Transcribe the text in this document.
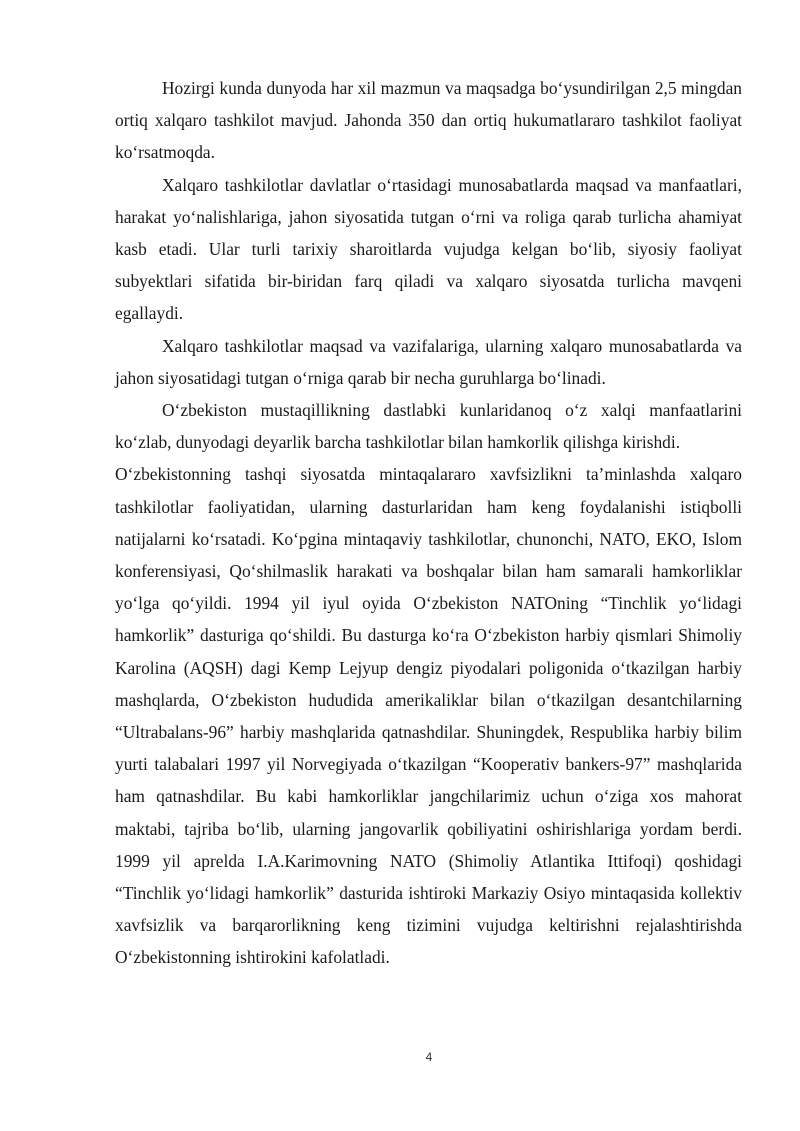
Hozirgi kunda dunyoda har xil mazmun va maqsadga bo‘ysundirilgan 2,5 mingdan ortiq xalqaro tashkilot mavjud. Jahonda 350 dan ortiq hukumatlararo tashkilot faoliyat ko‘rsatmoqda.

Xalqaro tashkilotlar davlatlar o‘rtasidagi munosabatlarda maqsad va manfaatlari, harakat yo‘nalishlariga, jahon siyosatida tutgan o‘rni va roliga qarab turlicha ahamiyat kasb etadi. Ular turli tarixiy sharoitlarda vujudga kelgan bo‘lib, siyosiy faoliyat subyektlari sifatida bir-biridan farq qiladi va xalqaro siyosatda turlicha mavqeni egallaydi.

Xalqaro tashkilotlar maqsad va vazifalariga, ularning xalqaro munosabatlarda va jahon siyosatidagi tutgan o‘rniga qarab bir necha guruhlarga bo‘linadi.

O‘zbekiston mustaqillikning dastlabki kunlaridanoq o‘z xalqi manfaatlarini ko‘zlab, dunyodagi deyarlik barcha tashkilotlar bilan hamkorlik qilishga kirishdi.

O‘zbekistonning tashqi siyosatda mintaqalararo xavfsizlikni ta’minlashda xalqaro tashkilotlar faoliyatidan, ularning dasturlaridan ham keng foydalanishi istiqbolli natijalarni ko‘rsatadi. Ko‘pgina mintaqaviy tashkilotlar, chunonchi, NATO, EKO, Islom konferensiyasi, Qo‘shilmaslik harakati va boshqalar bilan ham samarali hamkorliklar yo‘lga qo‘yildi. 1994 yil iyul oyida O‘zbekiston NATOning “Tinchlik yo‘lidagi hamkorlik” dasturiga qo‘shildi. Bu dasturga ko‘ra O‘zbekiston harbiy qismlari Shimoliy Karolina (AQSH) dagi Kemp Lejyup dengiz piyodalari poligonida o‘tkazilgan harbiy mashqlarda, O‘zbekiston hududida amerikaliklar bilan o‘tkazilgan desantchilarning “Ultrabalans-96” harbiy mashqlarida qatnashdilar. Shuningdek, Respublika harbiy bilim yurti talabalari 1997 yil Norvegiyada o‘tkazilgan “Kooperativ bankers-97” mashqlarida ham qatnashdilar. Bu kabi hamkorliklar jangchilarimiz uchun o‘ziga xos mahorat maktabi, tajriba bo‘lib, ularning jangovarlik qobiliyatini oshirishlariga yordam berdi. 1999 yil aprelda I.A.Karimovning NATO (Shimoliy Atlantika Ittifoqi) qoshidagi “Tinchlik yo‘lidagi hamkorlik” dasturida ishtiroki Markaziy Osiyo mintaqasida kollektiv xavfsizlik va barqarorlikning keng tizimini vujudga keltirishni rejalashtirishda O‘zbekistonning ishtirokini kafolatladi.

4
